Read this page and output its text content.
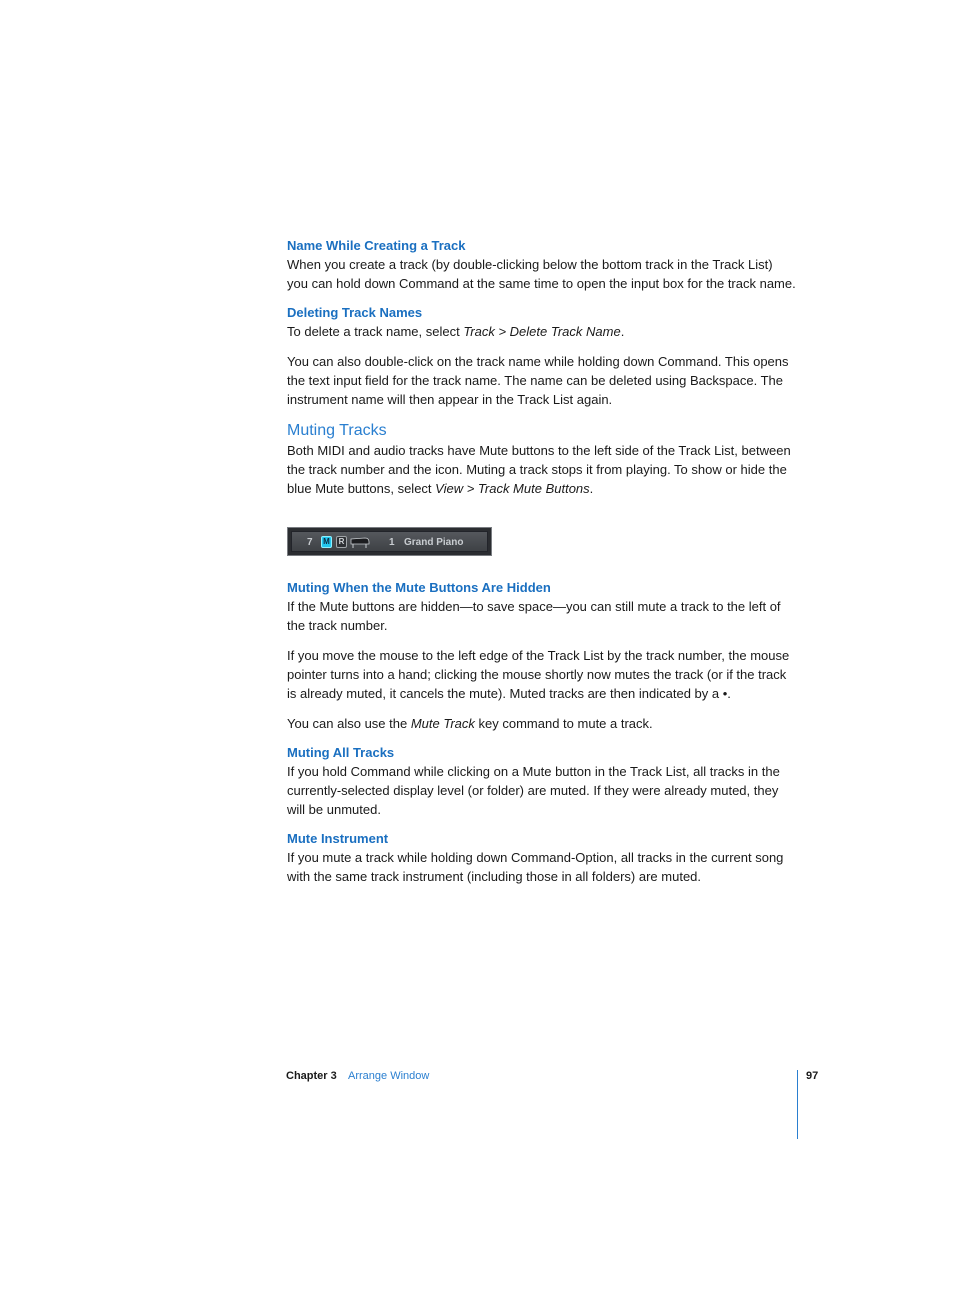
Name While Creating a Track

When you create a track (by double-clicking below the bottom track in the Track List) you can hold down Command at the same time to open the input box for the track name.

Deleting Track Names

To delete a track name, select Track > Delete Track Name.

You can also double-click on the track name while holding down Command. This opens the text input field for the track name. The name can be deleted using Backspace. The instrument name will then appear in the Track List again.

Muting Tracks

Both MIDI and audio tracks have Mute buttons to the left side of the Track List, between the track number and the icon. Muting a track stops it from playing. To show or hide the blue Mute buttons, select View > Track Mute Buttons.

7 M	R	1 Grand Piano
Muting When the Mute Buttons Are Hidden

If the Mute buttons are hidden—to save space—you can still mute a track to the left of the track number.

If you move the mouse to the left edge of the Track List by the track number, the mouse pointer turns into a hand; clicking the mouse shortly now mutes the track (or if the track is already muted, it cancels the mute). Muted tracks are then indicated by a •.

You can also use the Mute Track key command to mute a track.

Muting All Tracks

If you hold Command while clicking on a Mute button in the Track List, all tracks in the currently-selected display level (or folder) are muted. If they were already muted, they will be unmuted.

Mute Instrument

If you mute a track while holding down Command-Option, all tracks in the current song with the same track instrument (including those in all folders) are muted.

Chapter 3 Arrange Window	97
